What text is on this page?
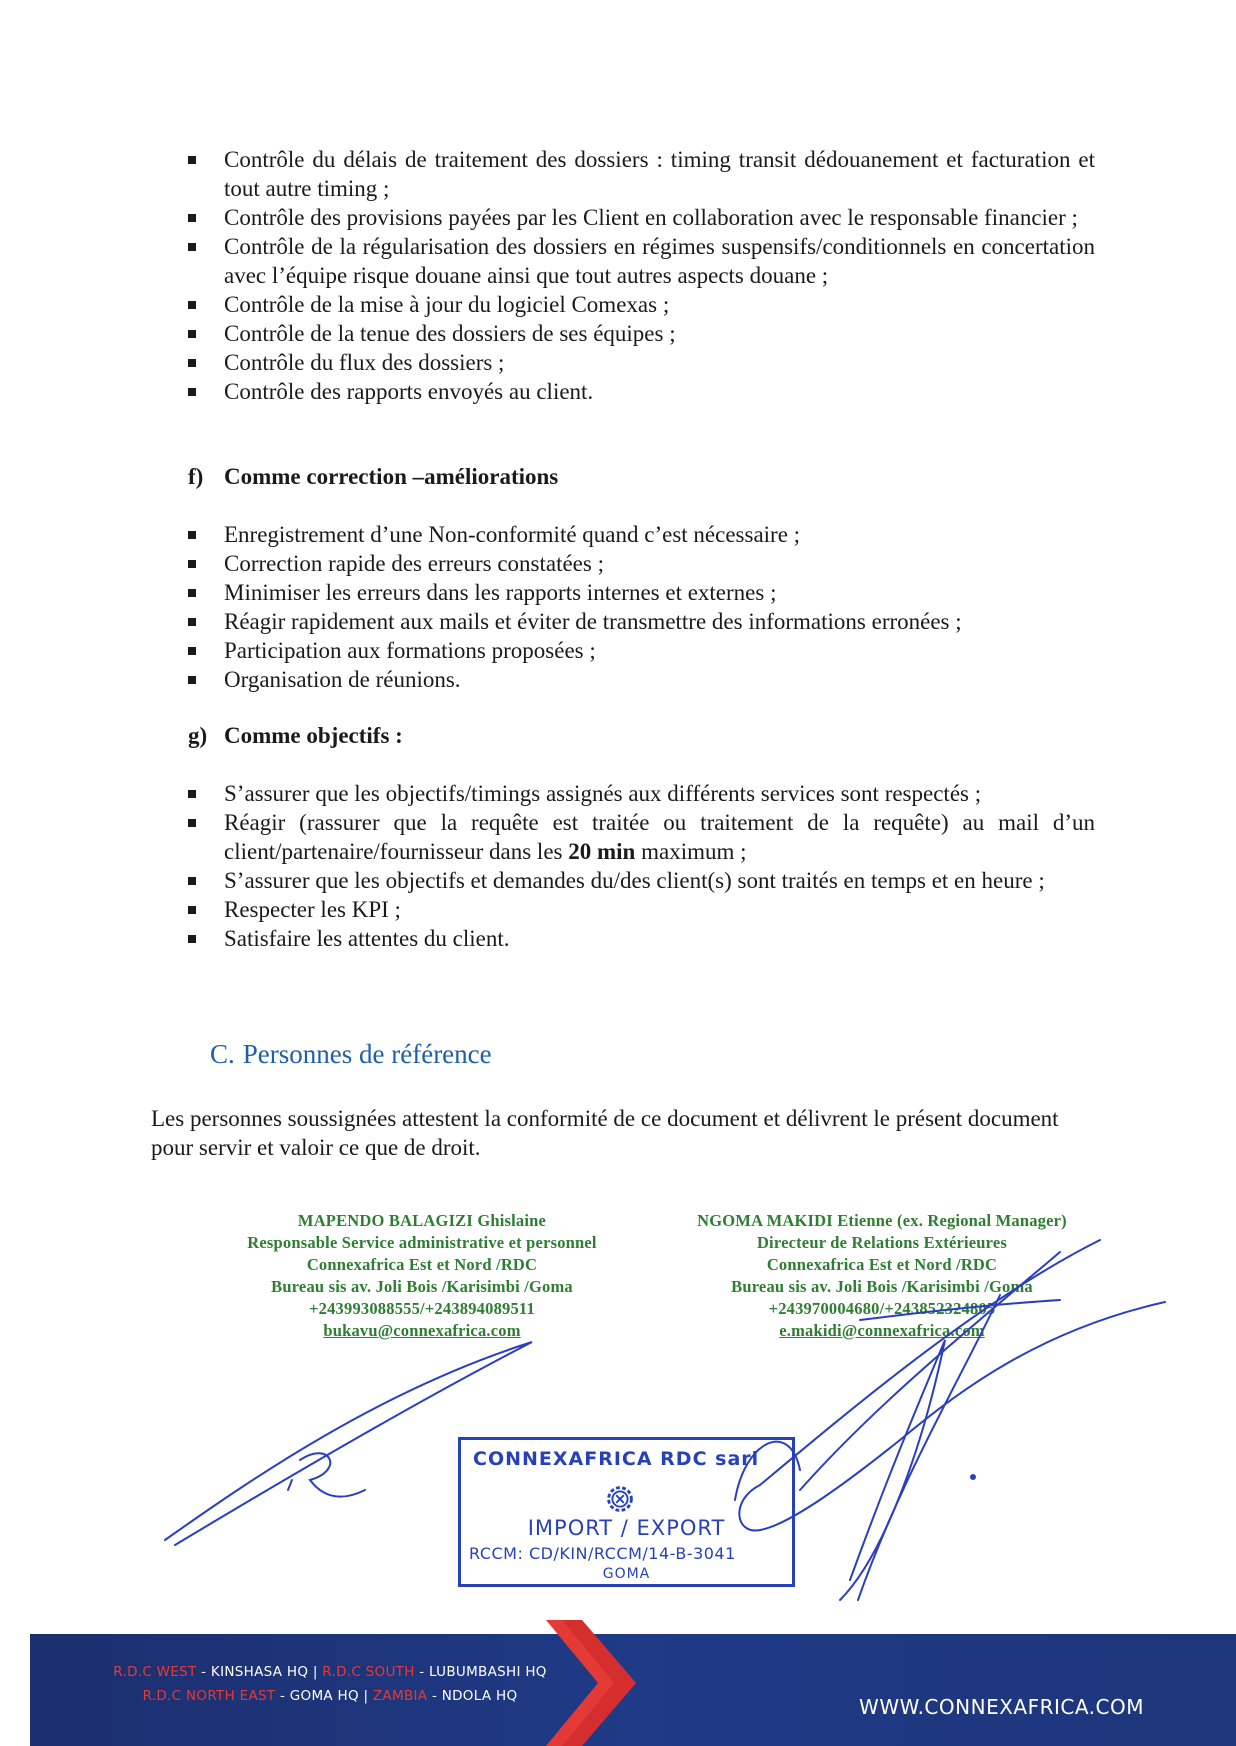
Contrôle du délais de traitement des dossiers : timing transit dédouanement et facturation et tout autre timing ;
Contrôle des provisions payées par les Client en collaboration avec le responsable financier ;
Contrôle de la régularisation des dossiers en régimes suspensifs/conditionnels en concertation avec l’équipe risque douane ainsi que tout autres aspects douane ;
Contrôle de la mise à jour du logiciel Comexas ;
Contrôle de la tenue des dossiers de ses équipes ;
Contrôle du flux des dossiers ;
Contrôle des rapports envoyés au client.
f) Comme correction –améliorations
Enregistrement d’une Non-conformité quand c’est nécessaire ;
Correction rapide des erreurs constatées ;
Minimiser les erreurs dans les rapports internes et externes ;
Réagir rapidement aux mails et éviter de transmettre des informations erronées ;
Participation aux formations proposées ;
Organisation de réunions.
g) Comme objectifs :
S’assurer que les objectifs/timings assignés aux différents services sont respectés ;
Réagir (rassurer que la requête est traitée ou traitement de la requête) au mail d’un client/partenaire/fournisseur dans les 20 min maximum ;
S’assurer que les objectifs et demandes du/des client(s) sont traités en temps et en heure ;
Respecter les KPI ;
Satisfaire les attentes du client.
C. Personnes de référence

Les personnes soussignées attestent la conformité de ce document et délivrent le présent document pour servir et valoir ce que de droit.

MAPENDO BALAGIZI Ghislaine
Responsable Service administrative et personnel
Connexafrica Est et Nord /RDC
Bureau sis av. Joli Bois /Karisimbi /Goma
+243993088555/+243894089511
bukavu@connexafrica.com
NGOMA MAKIDI Etienne (ex. Regional Manager)
Directeur de Relations Extérieures
Connexafrica Est et Nord /RDC
Bureau sis av. Joli Bois /Karisimbi /Goma
+243970004680/+243852324805
e.makidi@connexafrica.com
CONNEXAFRICA RDC sarl
IMPORT / EXPORT
RCCM: CD/KIN/RCCM/14-B-3041
GOMA
R.D.C WEST - KINSHASA HQ | R.D.C SOUTH - LUBUMBASHI HQ
R.D.C NORTH EAST - GOMA HQ | ZAMBIA - NDOLA HQ	WWW.CONNEXAFRICA.COM
